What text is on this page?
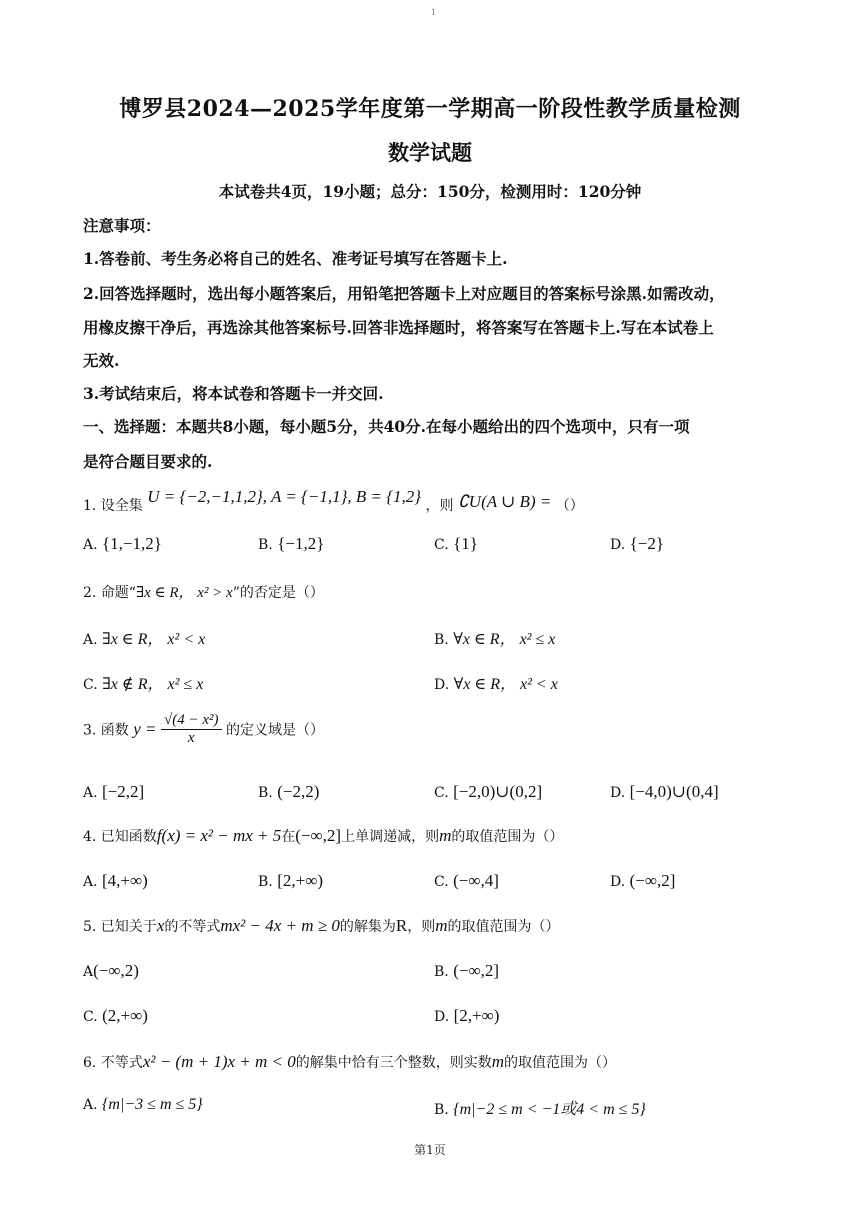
1
博罗县2024—2025学年度第一学期高一阶段性教学质量检测
数学试题
本试卷共4页，19小题；总分：150分，检测用时：120分钟
注意事项：
1.答卷前、考生务必将自己的姓名、准考证号填写在答题卡上.
2.回答选择题时，选出每小题答案后，用铅笔把答题卡上对应题目的答案标号涂黑.如需改动，
用橡皮擦干净后，再选涂其他答案标号.回答非选择题时，将答案写在答题卡上.写在本试卷上
无效.
3.考试结束后，将本试卷和答题卡一并交回.
一、选择题：本题共8小题，每小题5分，共40分.在每小题给出的四个选项中，只有一项
是符合题目要求的.
1. 设全集 U = {−2,−1,1,2}, A = {−1,1}, B = {1,2} ，则 ∁U(A ∪ B) = （）
A. {1,−1,2}	B. {−1,2}	C. {1}	D. {−2}
2. 命题“∃x ∈ R， x² > x”的否定是（）
A. ∃x ∈ R， x² < x	B. ∀x ∈ R， x² ≤ x
C. ∃x ∉ R， x² ≤ x	D. ∀x ∈ R， x² < x
3. 函数 $y = \frac{\text{√(4 − x²)}}{x}$ 的定义域是（）
A. [−2,2]	B. (−2,2)	C. [−2,0)∪(0,2]	D. [−4,0)∪(0,4]
4. 已知函数f(x) = x² − mx + 5在(−∞,2]上单调递减，则m的取值范围为（）
A. [4,+∞)	B. [2,+∞)	C. (−∞,4]	D. (−∞,2]
5. 已知关于x的不等式mx² − 4x + m ≥ 0的解集为R，则m的取值范围为（）
A(−∞,2)	B. (−∞,2]
C. (2,+∞)	D. [2,+∞)
6. 不等式x² − (m + 1)x + m < 0的解集中恰有三个整数，则实数m的取值范围为（）
A. {m|−3 ≤ m ≤ 5}	B. {m|−2 ≤ m < −1或4 < m ≤ 5}
第1页
